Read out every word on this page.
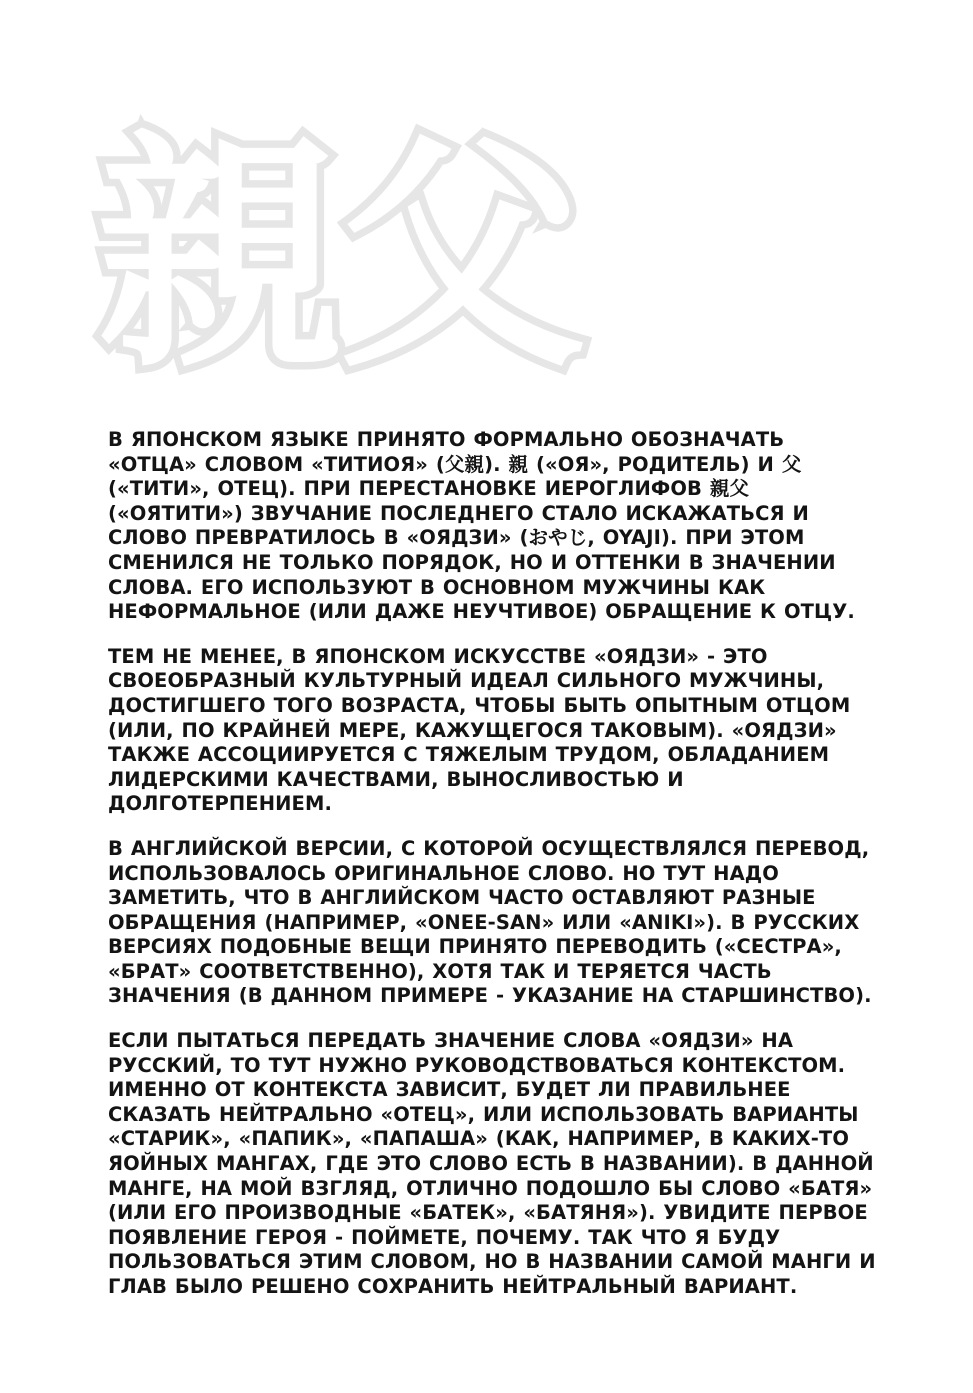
親父

В ЯПОНСКОМ ЯЗЫКЕ ПРИНЯТО ФОРМАЛЬНО ОБОЗНАЧАТЬ «ОТЦА» СЛОВОМ «ТИТИОЯ» (父親). 親 («ОЯ», РОДИТЕЛЬ) И 父 («ТИТИ», ОТЕЦ). ПРИ ПЕРЕСТАНОВКЕ ИЕРОГЛИФОВ 親父 («ОЯТИТИ») ЗВУЧАНИЕ ПОСЛЕДНЕГО СТАЛО ИСКАЖАТЬСЯ И СЛОВО ПРЕВРАТИЛОСЬ В «ОЯДЗИ» (おやじ, OYAJI). ПРИ ЭТОМ СМЕНИЛСЯ НЕ ТОЛЬКО ПОРЯДОК, НО И ОТТЕНКИ В ЗНАЧЕНИИ СЛОВА. ЕГО ИСПОЛЬЗУЮТ В ОСНОВНОМ МУЖЧИНЫ КАК НЕФОРМАЛЬНОЕ (ИЛИ ДАЖЕ НЕУЧТИВОЕ) ОБРАЩЕНИЕ К ОТЦУ.

ТЕМ НЕ МЕНЕЕ, В ЯПОНСКОМ ИСКУССТВЕ «ОЯДЗИ» - ЭТО СВОЕОБРАЗНЫЙ КУЛЬТУРНЫЙ ИДЕАЛ СИЛЬНОГО МУЖЧИНЫ, ДОСТИГШЕГО ТОГО ВОЗРАСТА, ЧТОБЫ БЫТЬ ОПЫТНЫМ ОТЦОМ (ИЛИ, ПО КРАЙНЕЙ МЕРЕ, КАЖУЩЕГОСЯ ТАКОВЫМ). «ОЯДЗИ» ТАКЖЕ АССОЦИИРУЕТСЯ С ТЯЖЕЛЫМ ТРУДОМ, ОБЛАДАНИЕМ ЛИДЕРСКИМИ КАЧЕСТВАМИ, ВЫНОСЛИВОСТЬЮ И ДОЛГОТЕРПЕНИЕМ.

В АНГЛИЙСКОЙ ВЕРСИИ, С КОТОРОЙ ОСУЩЕСТВЛЯЛСЯ ПЕРЕВОД, ИСПОЛЬЗОВАЛОСЬ ОРИГИНАЛЬНОЕ СЛОВО. НО ТУТ НАДО ЗАМЕТИТЬ, ЧТО В АНГЛИЙСКОМ ЧАСТО ОСТАВЛЯЮТ РАЗНЫЕ ОБРАЩЕНИЯ (НАПРИМЕР, «ONEE-SAN» ИЛИ «ANIKI»). В РУССКИХ ВЕРСИЯХ ПОДОБНЫЕ ВЕЩИ ПРИНЯТО ПЕРЕВОДИТЬ («СЕСТРА», «БРАТ» СООТВЕТСТВЕННО), ХОТЯ ТАК И ТЕРЯЕТСЯ ЧАСТЬ ЗНАЧЕНИЯ (В ДАННОМ ПРИМЕРЕ - УКАЗАНИЕ НА СТАРШИНСТВО).

ЕСЛИ ПЫТАТЬСЯ ПЕРЕДАТЬ ЗНАЧЕНИЕ СЛОВА «ОЯДЗИ» НА РУССКИЙ, ТО ТУТ НУЖНО РУКОВОДСТВОВАТЬСЯ КОНТЕКСТОМ. ИМЕННО ОТ КОНТЕКСТА ЗАВИСИТ, БУДЕТ ЛИ ПРАВИЛЬНЕЕ СКАЗАТЬ НЕЙТРАЛЬНО «ОТЕЦ», ИЛИ ИСПОЛЬЗОВАТЬ ВАРИАНТЫ «СТАРИК», «ПАПИК», «ПАПАША» (КАК, НАПРИМЕР, В КАКИХ-ТО ЯОЙНЫХ МАНГАХ, ГДЕ ЭТО СЛОВО ЕСТЬ В НАЗВАНИИ). В ДАННОЙ МАНГЕ, НА МОЙ ВЗГЛЯД, ОТЛИЧНО ПОДОШЛО БЫ СЛОВО «БАТЯ» (ИЛИ ЕГО ПРОИЗВОДНЫЕ «БАТЕК», «БАТЯНЯ»). УВИДИТЕ ПЕРВОЕ ПОЯВЛЕНИЕ ГЕРОЯ - ПОЙМЕТЕ, ПОЧЕМУ. ТАК ЧТО Я БУДУ ПОЛЬЗОВАТЬСЯ ЭТИМ СЛОВОМ, НО В НАЗВАНИИ САМОЙ МАНГИ И ГЛАВ БЫЛО РЕШЕНО СОХРАНИТЬ НЕЙТРАЛЬНЫЙ ВАРИАНТ.
